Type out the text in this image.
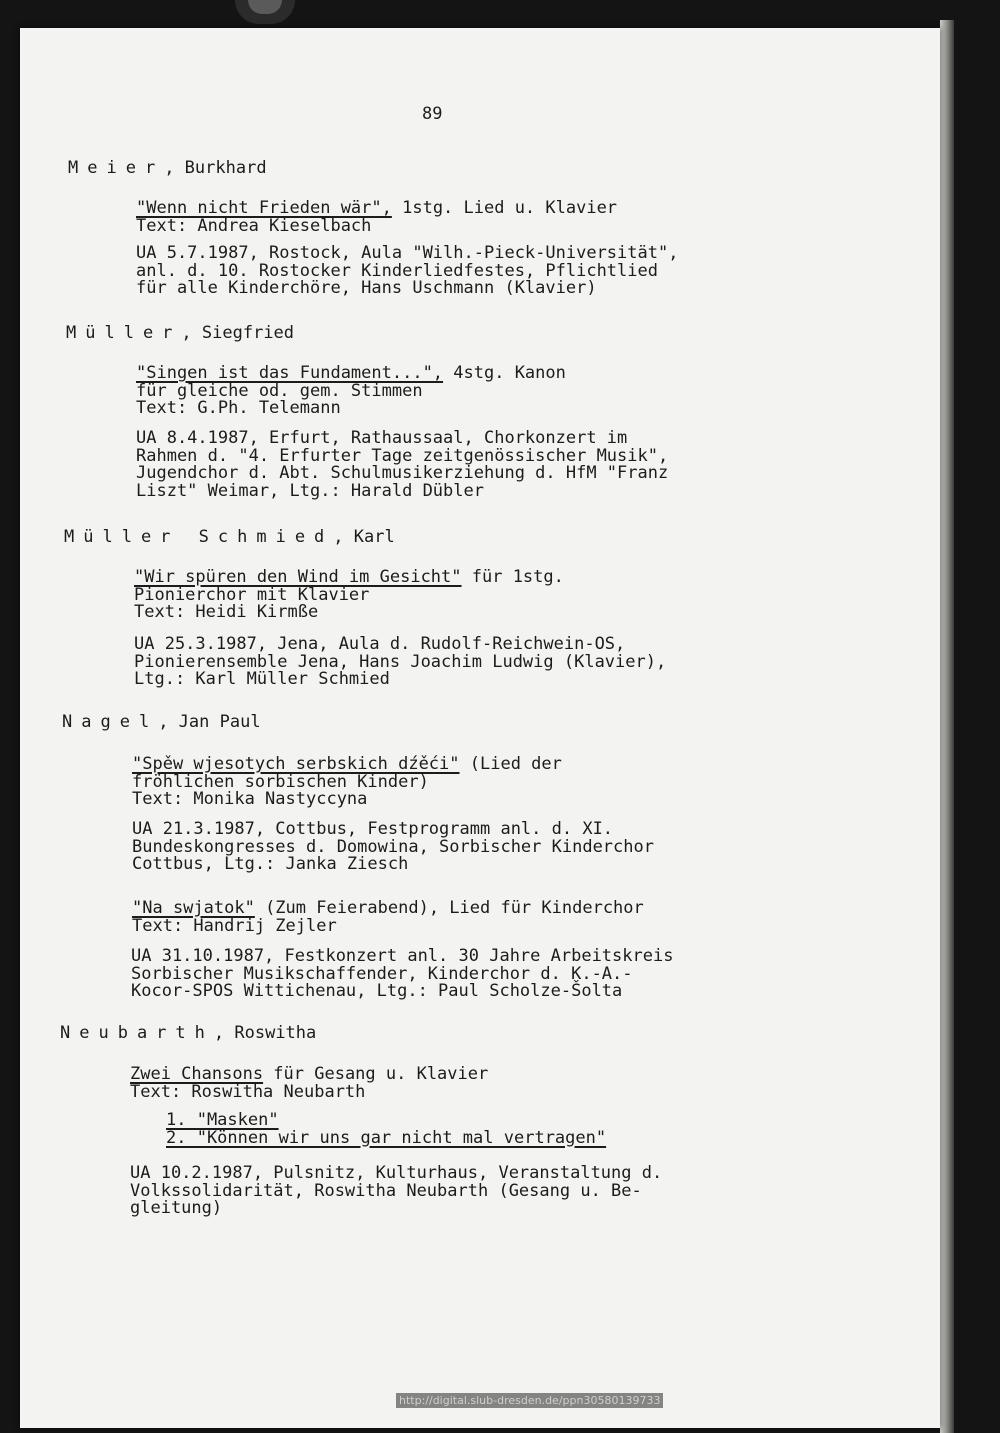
89
Meier, Burkhard
"Wenn nicht Frieden wär", 1stg. Lied u. Klavier
Text: Andrea Kieselbach
UA 5.7.1987, Rostock, Aula "Wilh.-Pieck-Universität",
anl. d. 10. Rostocker Kinderliedfestes, Pflichtlied
für alle Kinderchöre, Hans Uschmann (Klavier)
Müller, Siegfried
"Singen ist das Fundament...", 4stg. Kanon
für gleiche od. gem. Stimmen
Text: G.Ph. Telemann
UA 8.4.1987, Erfurt, Rathaussaal, Chorkonzert im
Rahmen d. "4. Erfurter Tage zeitgenössischer Musik",
Jugendchor d. Abt. Schulmusikerziehung d. HfM "Franz
Liszt" Weimar, Ltg.: Harald Dübler
Müller Schmied, Karl
"Wir spüren den Wind im Gesicht" für 1stg.
Pionierchor mit Klavier
Text: Heidi Kirmße
UA 25.3.1987, Jena, Aula d. Rudolf-Reichwein-OS,
Pionierensemble Jena, Hans Joachim Ludwig (Klavier),
Ltg.: Karl Müller Schmied
Nagel, Jan Paul
"Spěw wjesotych serbskich dźěći" (Lied der
fröhlichen sorbischen Kinder)
Text: Monika Nastyccyna
UA 21.3.1987, Cottbus, Festprogramm anl. d. XI.
Bundeskongresses d. Domowina, Sorbischer Kinderchor
Cottbus, Ltg.: Janka Ziesch
"Na swjatok" (Zum Feierabend), Lied für Kinderchor
Text: Handrij Zejler
UA 31.10.1987, Festkonzert anl. 30 Jahre Arbeitskreis
Sorbischer Musikschaffender, Kinderchor d. K.-A.-
Kocor-SPOS Wittichenau, Ltg.: Paul Scholze-Šolta
Neubarth, Roswitha
Zwei Chansons für Gesang u. Klavier
Text: Roswitha Neubarth
1. "Masken"
2. "Können wir uns gar nicht mal vertragen"
UA 10.2.1987, Pulsnitz, Kulturhaus, Veranstaltung d.
Volkssolidarität, Roswitha Neubarth (Gesang u. Be-
gleitung)
http://digital.slub-dresden.de/ppn30580139733
